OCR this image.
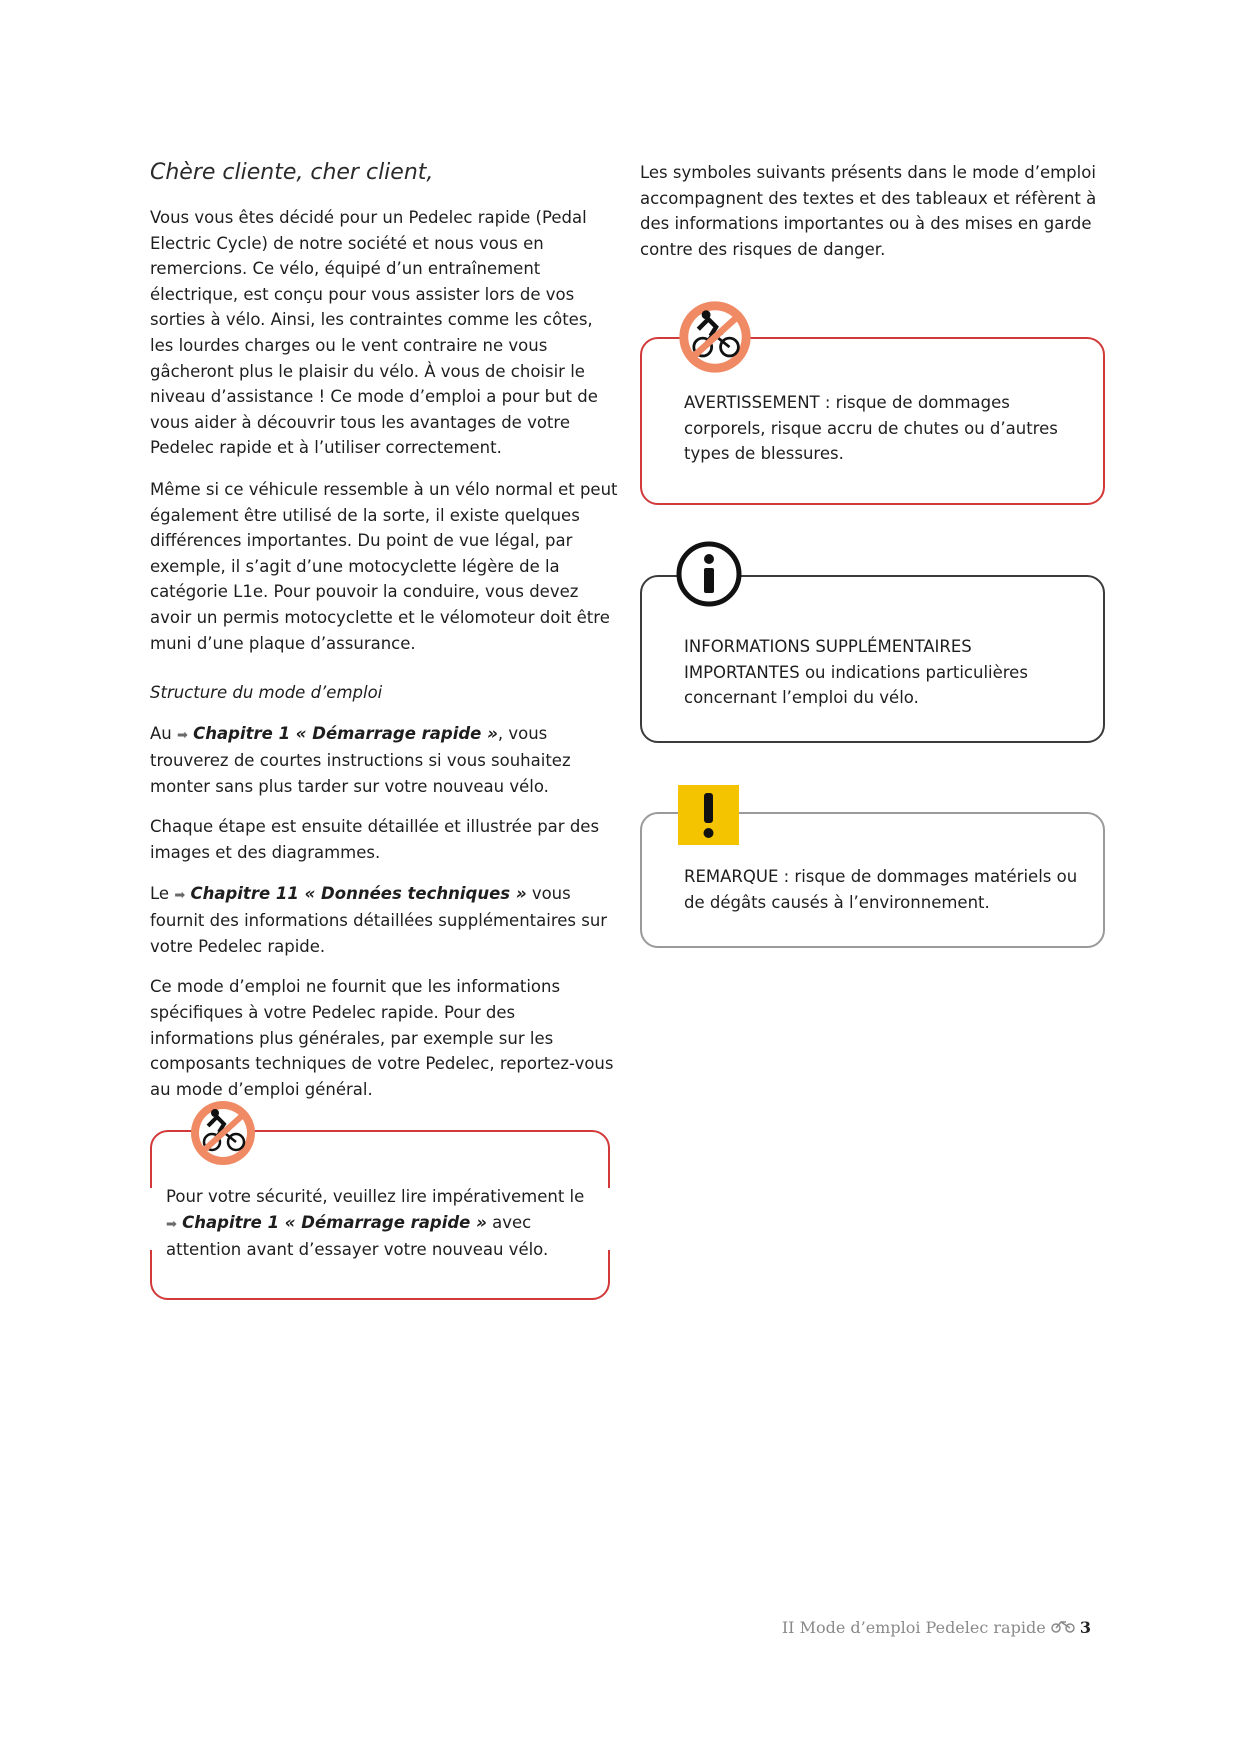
Chère cliente, cher client,

Vous vous êtes décidé pour un Pedelec rapide (Pedal Electric Cycle) de notre société et nous vous en remercions. Ce vélo, équipé d’un entraînement électrique, est conçu pour vous assister lors de vos sorties à vélo. Ainsi, les contraintes comme les côtes, les lourdes charges ou le vent contraire ne vous gâcheront plus le plaisir du vélo. À vous de choisir le niveau d’assistance ! Ce mode d’emploi a pour but de vous aider à découvrir tous les avantages de votre Pedelec rapide et à l’utiliser correctement.

Même si ce véhicule ressemble à un vélo normal et peut également être utilisé de la sorte, il existe quelques différences importantes. Du point de vue légal, par exemple, il s’agit d’une motocyclette légère de la catégorie L1e. Pour pouvoir la conduire, vous devez avoir un permis motocyclette et le vélomoteur doit être muni d’une plaque d’assurance.

Structure du mode d’emploi

Au ➡ Chapitre 1 « Démarrage rapide », vous trouverez de courtes instructions si vous souhaitez monter sans plus tarder sur votre nouveau vélo.

Chaque étape est ensuite détaillée et illustrée par des images et des diagrammes.

Le ➡ Chapitre 11 « Données techniques » vous fournit des informations détaillées supplémentaires sur votre Pedelec rapide.

Ce mode d’emploi ne fournit que les informations spécifiques à votre Pedelec rapide. Pour des informations plus générales, par exemple sur les composants techniques de votre Pedelec, reportez-vous au mode d’emploi général.

Pour votre sécurité, veuillez lire impérativement le
➡ Chapitre 1 « Démarrage rapide » avec attention avant d’essayer votre nouveau vélo.
Les symboles suivants présents dans le mode d’emploi accompagnent des textes et des tableaux et réfèrent à des informations importantes ou à des mises en garde contre des risques de danger.
AVERTISSEMENT : risque de dommages corporels, risque accru de chutes ou d’autres types de blessures.
INFORMATIONS SUPPLÉMENTAIRES IMPORTANTES ou indications particulières concernant l’emploi du vélo.
REMARQUE : risque de dommages matériels ou de dégâts causés à l’environnement.
II Mode d’emploi Pedelec rapide 3
